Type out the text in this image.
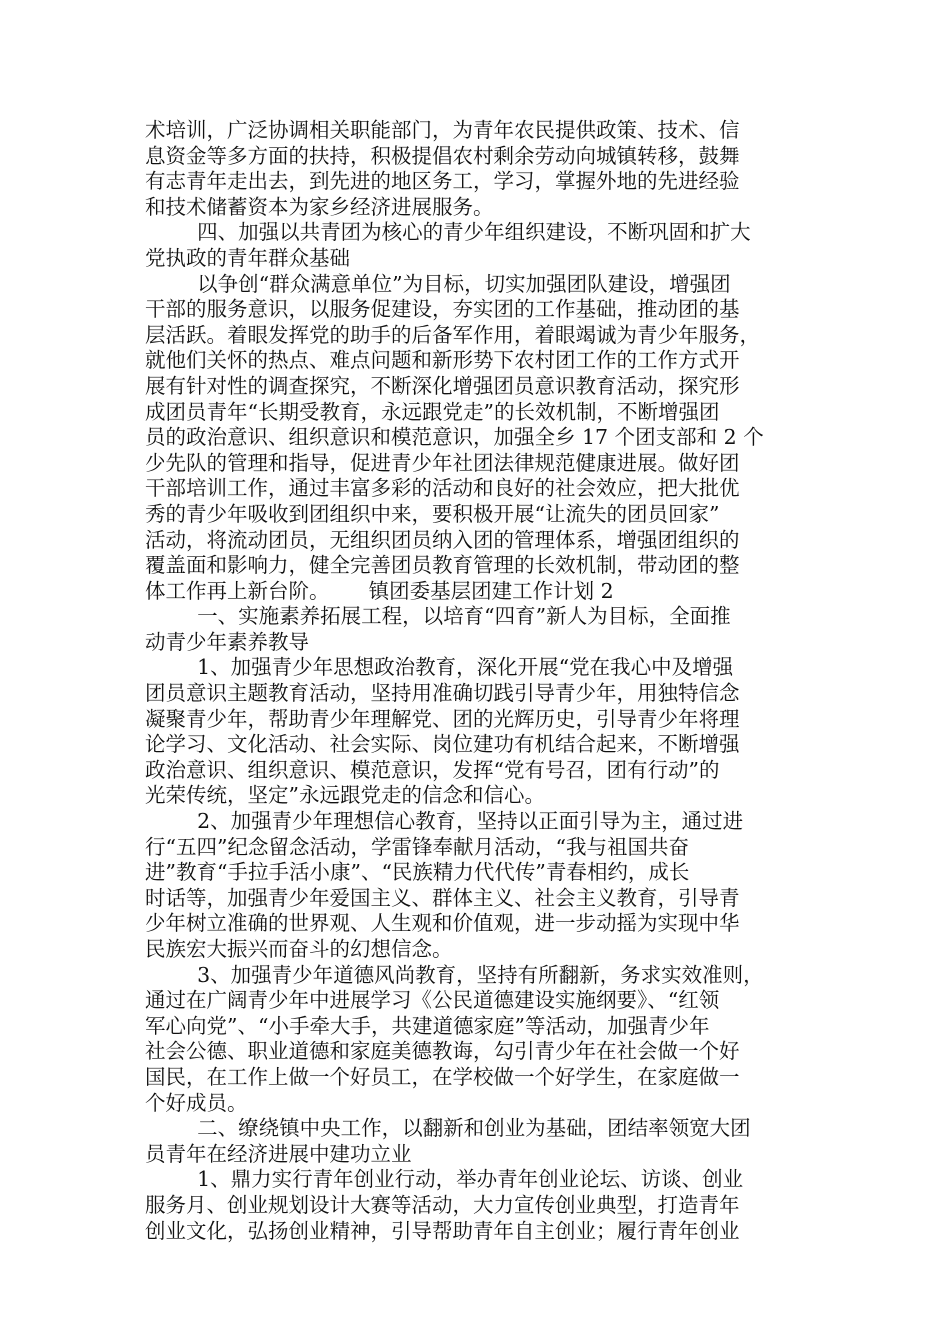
术培训，广泛协调相关职能部门，为青年农民提供政策、技术、信
息资金等多方面的扶持，积极提倡农村剩余劳动向城镇转移，鼓舞
有志青年走出去，到先进的地区务工，学习，掌握外地的先进经验
和技术储蓄资本为家乡经济进展服务。
四、加强以共青团为核心的青少年组织建设，不断巩固和扩大
党执政的青年群众基础
以争创“群众满意单位”为目标，切实加强团队建设，增强团
干部的服务意识，以服务促建设，夯实团的工作基础，推动团的基
层活跃。着眼发挥党的助手的后备军作用，着眼竭诚为青少年服务，
就他们关怀的热点、难点问题和新形势下农村团工作的工作方式开
展有针对性的调查探究，不断深化增强团员意识教育活动，探究形
成团员青年“长期受教育，永远跟党走”的长效机制，不断增强团
员的政治意识、组织意识和模范意识，加强全乡 17 个团支部和 2 个
少先队的管理和指导，促进青少年社团法律规范健康进展。做好团
干部培训工作，通过丰富多彩的活动和良好的社会效应，把大批优
秀的青少年吸收到团组织中来，要积极开展“让流失的团员回家”
活动，将流动团员，无组织团员纳入团的管理体系，增强团组织的
覆盖面和影响力，健全完善团员教育管理的长效机制，带动团的整
体工作再上新台阶。      镇团委基层团建工作计划 2
一、实施素养拓展工程，以培育“四育”新人为目标，全面推
动青少年素养教导
1、加强青少年思想政治教育，深化开展“党在我心中及增强
团员意识主题教育活动，坚持用准确切践引导青少年，用独特信念
凝聚青少年，帮助青少年理解党、团的光辉历史，引导青少年将理
论学习、文化活动、社会实际、岗位建功有机结合起来，不断增强
政治意识、组织意识、模范意识，发挥“党有号召，团有行动”的
光荣传统，坚定”永远跟党走的信念和信心。
2、加强青少年理想信心教育，坚持以正面引导为主，通过进
行“五四”纪念留念活动，学雷锋奉献月活动，“我与祖国共奋
进”教育“手拉手活小康”、“民族精力代代传”青春相约，成长
时话等，加强青少年爱国主义、群体主义、社会主义教育，引导青
少年树立准确的世界观、人生观和价值观，进一步动摇为实现中华
民族宏大振兴而奋斗的幻想信念。
3、加强青少年道德风尚教育，坚持有所翻新，务求实效准则，
通过在广阔青少年中进展学习《公民道德建设实施纲要》、“红领
军心向党”、“小手牵大手，共建道德家庭”等活动，加强青少年
社会公德、职业道德和家庭美德教诲，勾引青少年在社会做一个好
国民，在工作上做一个好员工，在学校做一个好学生，在家庭做一
个好成员。
二、缭绕镇中央工作，以翻新和创业为基础，团结率领宽大团
员青年在经济进展中建功立业
1、鼎力实行青年创业行动，举办青年创业论坛、访谈、创业
服务月、创业规划设计大赛等活动，大力宣传创业典型，打造青年
创业文化，弘扬创业精神，引导帮助青年自主创业；履行青年创业
